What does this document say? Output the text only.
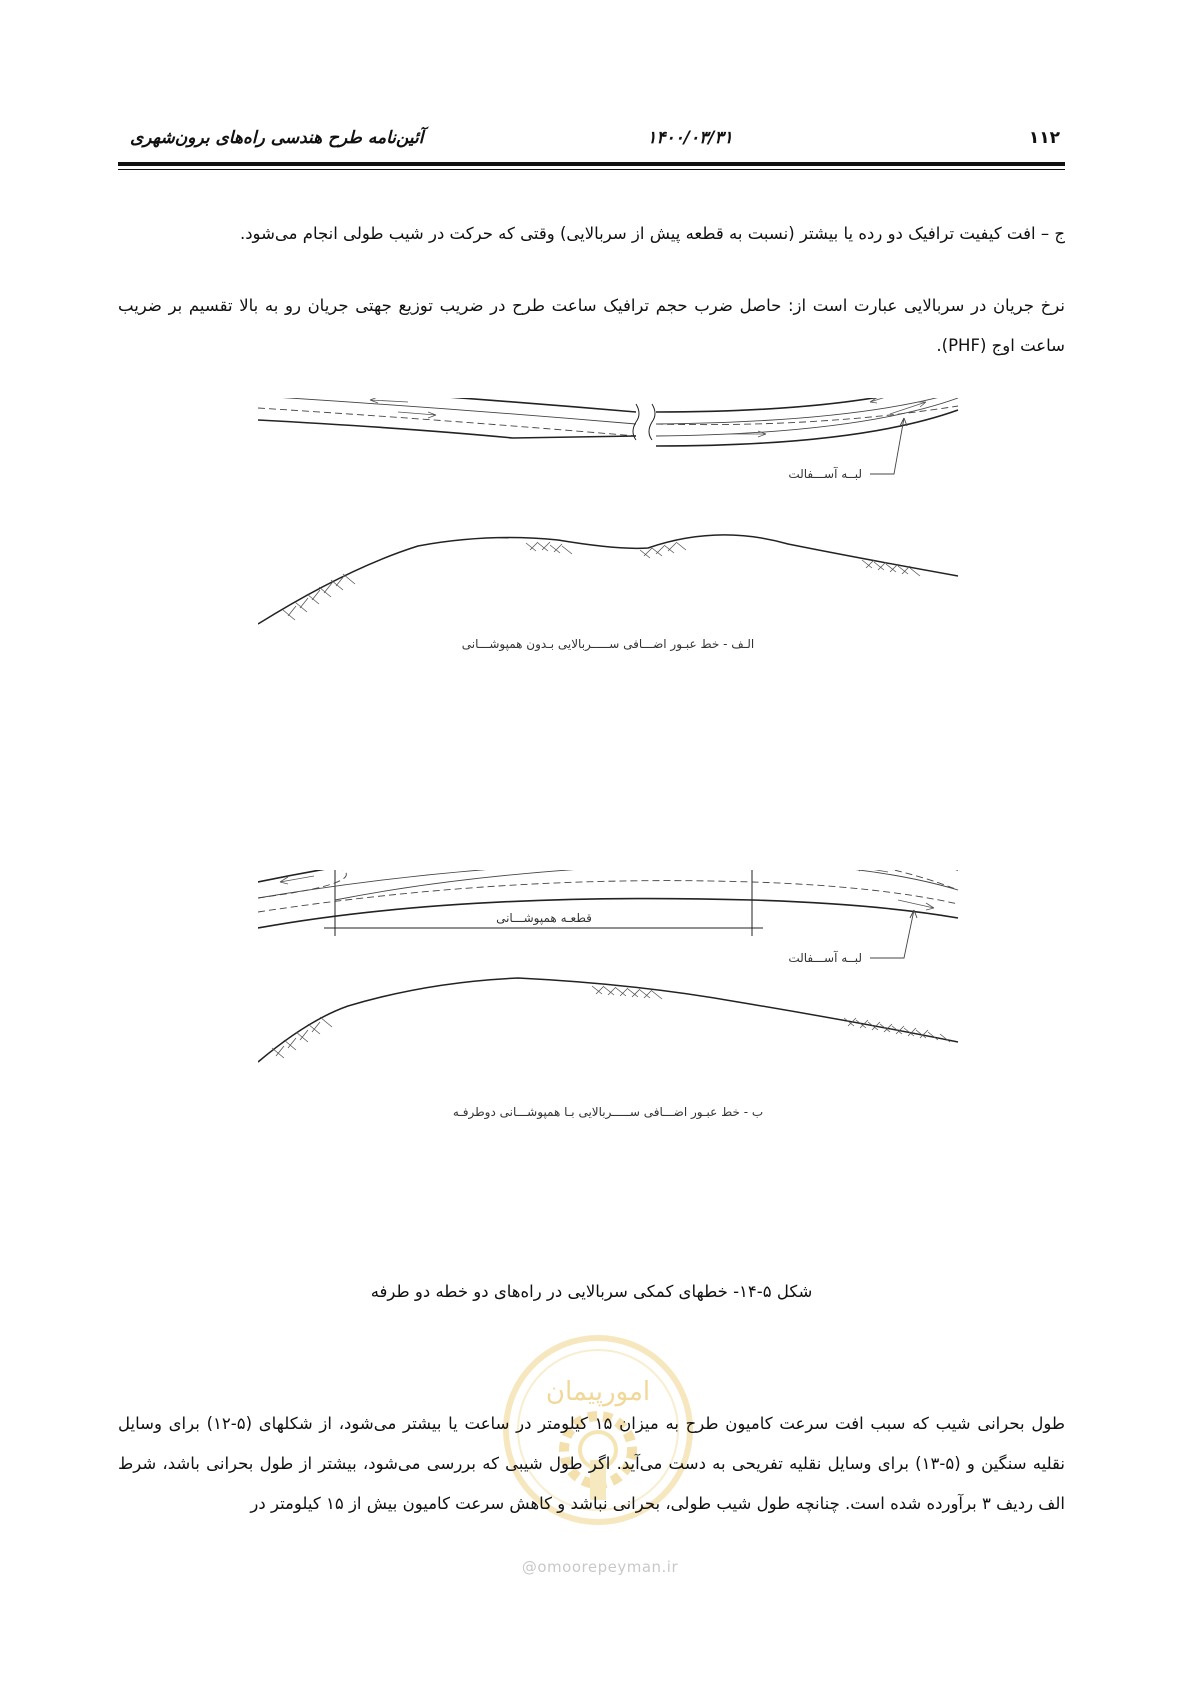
۱۱۲
۱۴۰۰/۰۳/۳۱
آئین‌نامه طرح هندسی راه‌های برون‌شهری
ج – افت کیفیت ترافیک دو رده یا بیشتر (نسبت به قطعه پیش از سربالایی) وقتی که حرکت در شیب طولی انجام می‌شود.
نرخ جریان در سربالایی عبارت است از: حاصل ضرب حجم ترافیک ساعت طرح در ضریب توزیع جهتی جریان رو به بالا تقسیم بر ضریب ساعت اوج (PHF).
لبــه آســـفالت
الـف - خط عبـور اضـــافی ســـــربالایی بـدون همپوشـــانی
قطعـه همپوشـــانی
لبــه آســـفالت
ب - خط عبـور اضـــافی ســـــربالایی بـا همپوشـــانی دوطرفـه
شکل ۵-۱۴- خطهای کمکی سربالایی در راه‌های دو خطه دو طرفه
امورپیمان
طول بحرانی شیب که سبب افت سرعت کامیون طرح به میزان ۱۵ کیلومتر در ساعت یا بیشتر می‌شود، از شکلهای (۵-۱۲) برای وسایل نقلیه سنگین و (۵-۱۳) برای وسایل نقلیه تفریحی به دست می‌آید. اگر طول شیبی که بررسی می‌شود، بیشتر از طول بحرانی باشد، شرط الف ردیف ۳ برآورده شده است. چنانچه طول شیب طولی، بحرانی نباشد و کاهش سرعت کامیون بیش از ۱۵ کیلومتر در
@omoorepeyman.ir
